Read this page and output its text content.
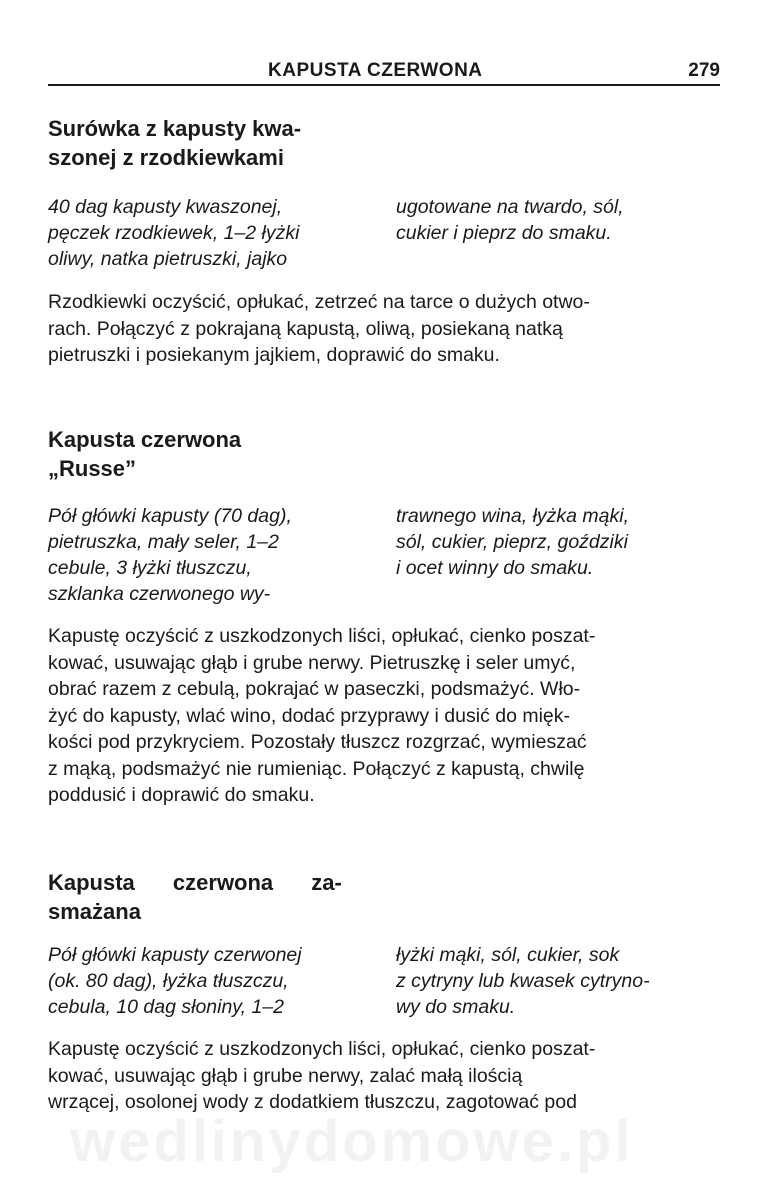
KAPUSTA CZERWONA	279
Surówka z kapusty kwa-
szonej z rzodkiewkami
40 dag kapusty kwaszonej,
pęczek rzodkiewek, 1–2 łyżki
oliwy, natka pietruszki, jajko
ugotowane na twardo, sól,
cukier i pieprz do smaku.
Rzodkiewki oczyścić, opłukać, zetrzeć na tarce o dużych otwo-
rach. Połączyć z pokrajaną kapustą, oliwą, posiekaną natką
pietruszki i posiekanym jajkiem, doprawić do smaku.
Kapusta czerwona
„Russe”
Pół główki kapusty (70 dag),
pietruszka, mały seler, 1–2
cebule, 3 łyżki tłuszczu,
szklanka czerwonego wy-
trawnego wina, łyżka mąki,
sól, cukier, pieprz, goździki
i ocet winny do smaku.
Kapustę oczyścić z uszkodzonych liści, opłukać, cienko poszat-
kować, usuwając głąb i grube nerwy. Pietruszkę i seler umyć,
obrać razem z cebulą, pokrajać w paseczki, podsmażyć. Wło-
żyć do kapusty, wlać wino, dodać przyprawy i dusić do mięk-
kości pod przykryciem. Pozostały tłuszcz rozgrzać, wymieszać
z mąką, podsmażyć nie rumieniąc. Połączyć z kapustą, chwilę
poddusić i doprawić do smaku.
Kapusta czerwona za-
smażana
Pół główki kapusty czerwonej
(ok. 80 dag), łyżka tłuszczu,
cebula, 10 dag słoniny, 1–2
łyżki mąki, sól, cukier, sok
z cytryny lub kwasek cytryno-
wy do smaku.
Kapustę oczyścić z uszkodzonych liści, opłukać, cienko poszat-
kować, usuwając głąb i grube nerwy, zalać małą ilością
wrzącej, osolonej wody z dodatkiem tłuszczu, zagotować pod
wedlinydomowe.pl
